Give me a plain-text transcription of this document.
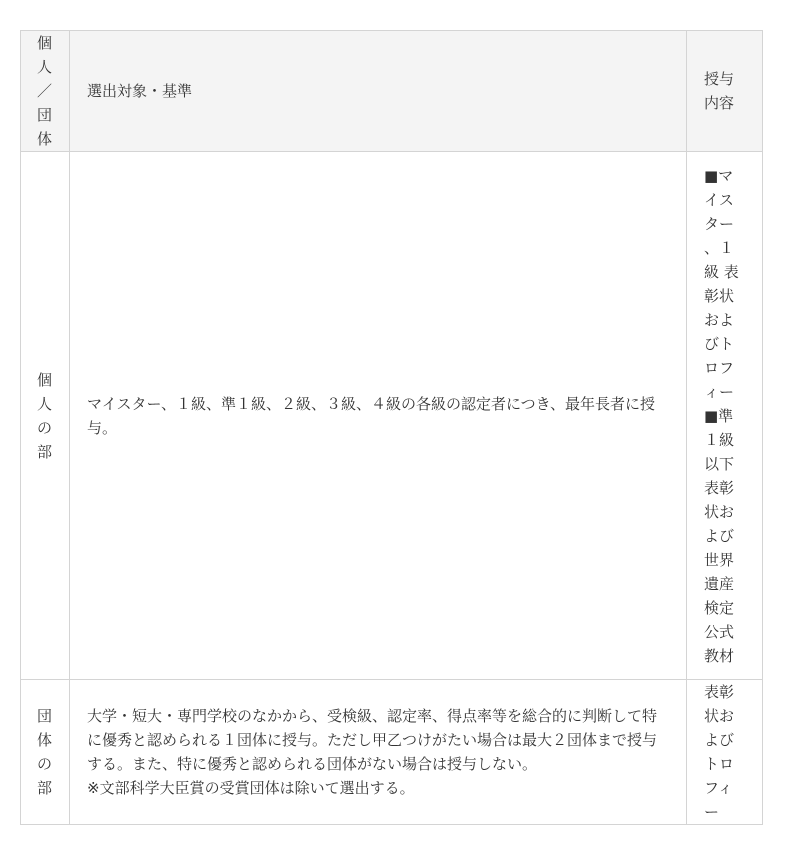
個人／団体	選出対象・基準	授与内容

個人の部	マイスター、１級、準１級、２級、３級、４級の各級の認定者につき、最年長者に授与。	■マイスター、１級 表彰状およびトロフィー
■準１級以下 表彰状および世界遺産検定公式教材

団体の部	大学・短大・専門学校のなかから、受検級、認定率、得点率等を総合的に判断して特に優秀と認められる１団体に授与。ただし甲乙つけがたい場合は最大２団体まで授与する。また、特に優秀と認められる団体がない場合は授与しない。
※文部科学大臣賞の受賞団体は除いて選出する。	表彰状およびトロフィー
